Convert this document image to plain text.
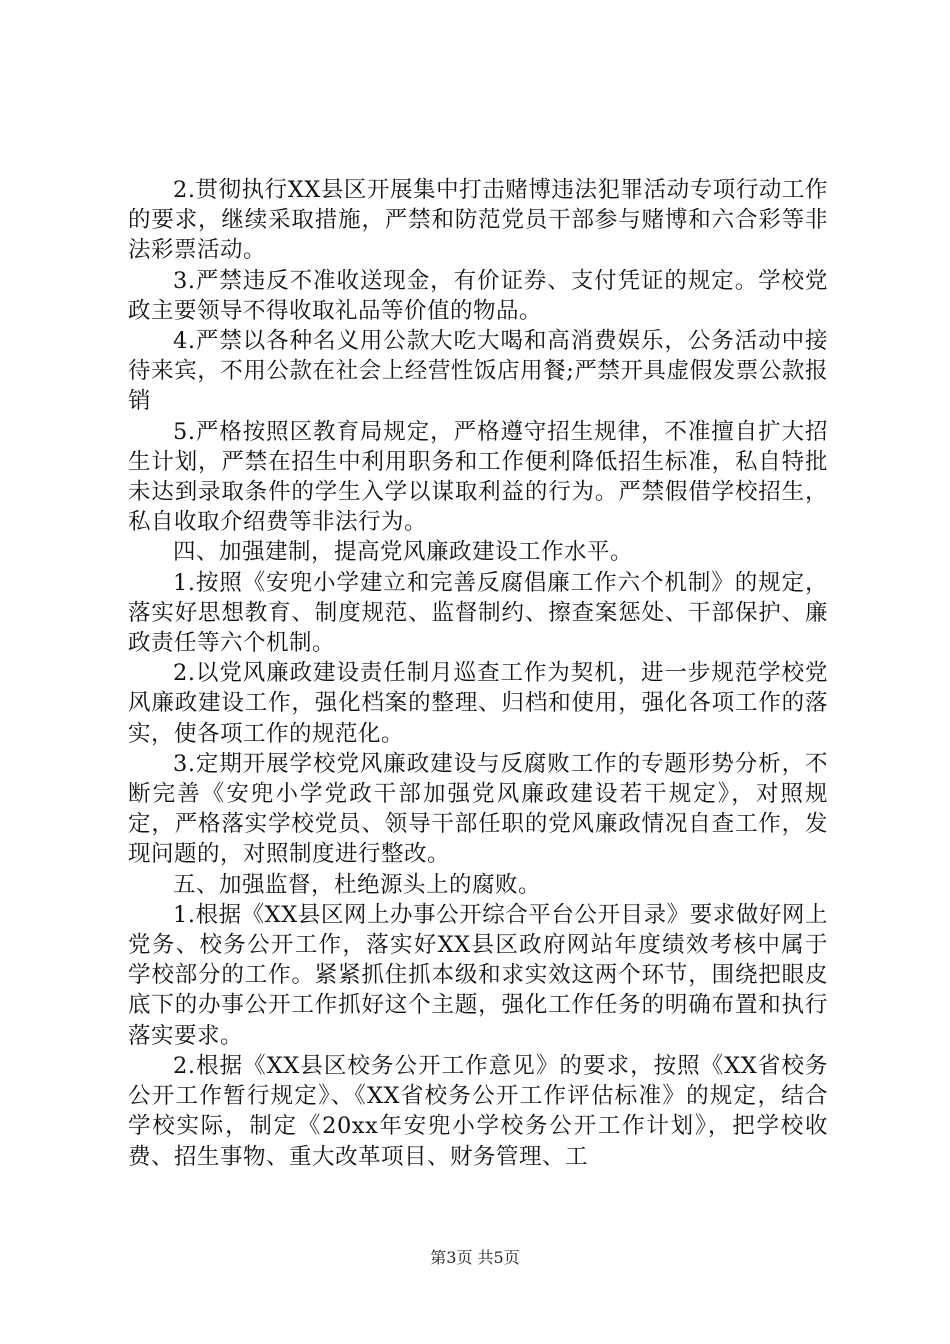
2.贯彻执行XX县区开展集中打击赌博违法犯罪活动专项行动工作的要求，继续采取措施，严禁和防范党员干部参与赌博和六合彩等非法彩票活动。

3.严禁违反不准收送现金，有价证券、支付凭证的规定。学校党政主要领导不得收取礼品等价值的物品。

4.严禁以各种名义用公款大吃大喝和高消费娱乐，公务活动中接待来宾，不用公款在社会上经营性饭店用餐;严禁开具虚假发票公款报销

5.严格按照区教育局规定，严格遵守招生规律，不准擅自扩大招生计划，严禁在招生中利用职务和工作便利降低招生标准，私自特批未达到录取条件的学生入学以谋取利益的行为。严禁假借学校招生，私自收取介绍费等非法行为。

四、加强建制，提高党风廉政建设工作水平。

1.按照《安兜小学建立和完善反腐倡廉工作六个机制》的规定，落实好思想教育、制度规范、监督制约、擦查案惩处、干部保护、廉政责任等六个机制。

2.以党风廉政建设责任制月巡查工作为契机，进一步规范学校党风廉政建设工作，强化档案的整理、归档和使用，强化各项工作的落实，使各项工作的规范化。

3.定期开展学校党风廉政建设与反腐败工作的专题形势分析，不断完善《安兜小学党政干部加强党风廉政建设若干规定》，对照规定，严格落实学校党员、领导干部任职的党风廉政情况自查工作，发现问题的，对照制度进行整改。

五、加强监督，杜绝源头上的腐败。

1.根据《XX县区网上办事公开综合平台公开目录》要求做好网上党务、校务公开工作，落实好XX县区政府网站年度绩效考核中属于学校部分的工作。紧紧抓住抓本级和求实效这两个环节，围绕把眼皮底下的办事公开工作抓好这个主题，强化工作任务的明确布置和执行落实要求。

2.根据《XX县区校务公开工作意见》的要求，按照《XX省校务公开工作暂行规定》、《XX省校务公开工作评估标准》的规定，结合学校实际，制定《20xx年安兜小学校务公开工作计划》，把学校收费、招生事物、重大改革项目、财务管理、工

第3页 共5页
